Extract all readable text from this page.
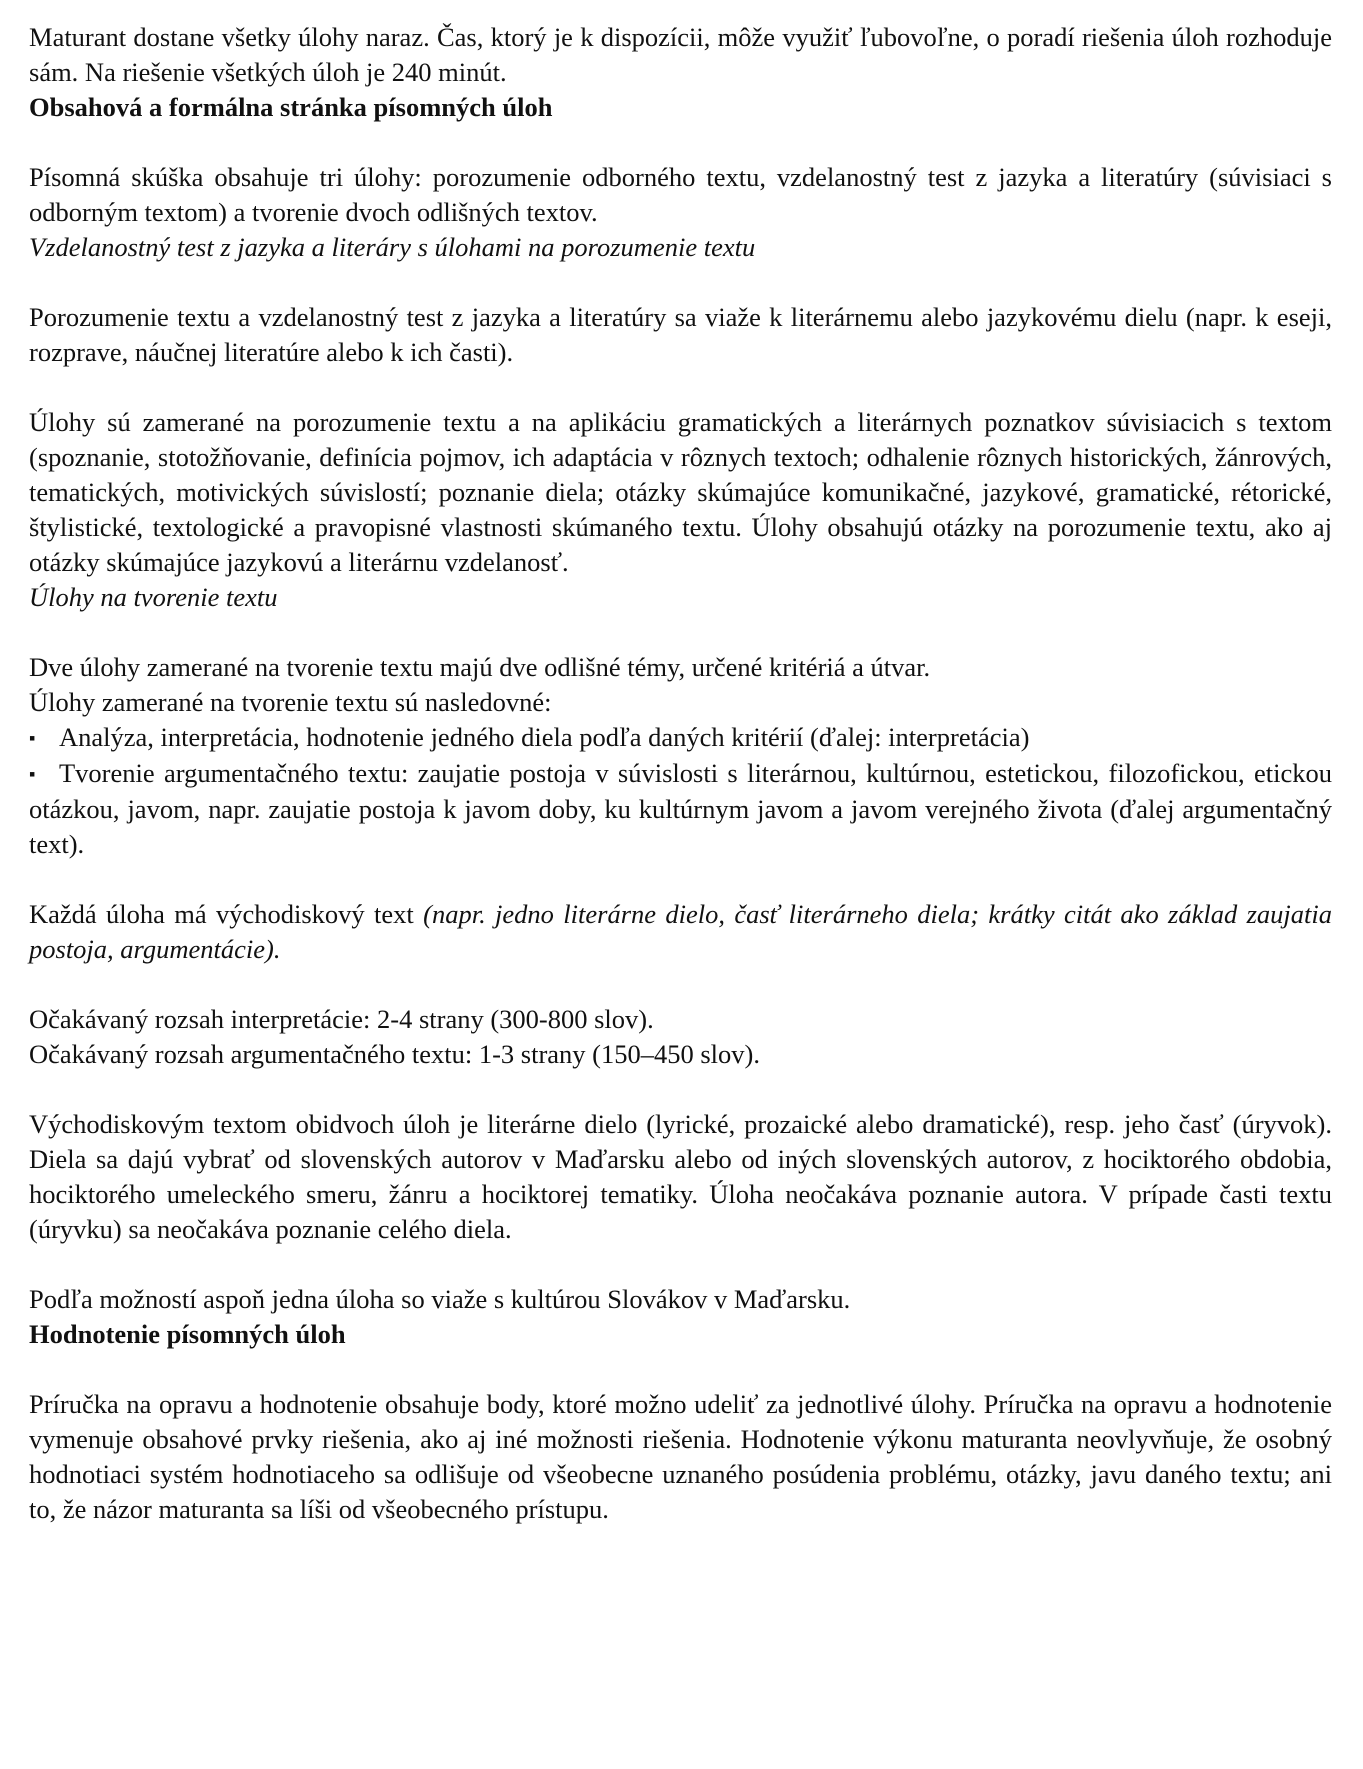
Maturant dostane všetky úlohy naraz. Čas, ktorý je k dispozícii, môže využiť ľubovoľne, o poradí riešenia úloh rozhoduje sám. Na riešenie všetkých úloh je 240 minút.

Obsahová a formálna stránka písomných úloh

Písomná skúška obsahuje tri úlohy: porozumenie odborného textu, vzdelanostný test z jazyka a literatúry (súvisiaci s odborným textom) a tvorenie dvoch odlišných textov.

Vzdelanostný test z jazyka a literáry s úlohami na porozumenie textu

Porozumenie textu a vzdelanostný test z jazyka a literatúry sa viaže k literárnemu alebo jazykovému dielu (napr. k eseji, rozprave, náučnej literatúre alebo k ich časti).

Úlohy sú zamerané na porozumenie textu a na aplikáciu gramatických a literárnych poznatkov súvisiacich s textom (spoznanie, stotožňovanie, definícia pojmov, ich adaptácia v rôznych textoch; odhalenie rôznych historických, žánrových, tematických, motivických súvislostí; poznanie diela; otázky skúmajúce komunikačné, jazykové, gramatické, rétorické, štylistické, textologické a pravopisné vlastnosti skúmaného textu. Úlohy obsahujú otázky na porozumenie textu, ako aj otázky skúmajúce jazykovú a literárnu vzdelanosť.

Úlohy na tvorenie textu

Dve úlohy zamerané na tvorenie textu majú dve odlišné témy, určené kritériá a útvar.

Úlohy zamerané na tvorenie textu sú nasledovné:

▪ Analýza, interpretácia, hodnotenie jedného diela podľa daných kritérií (ďalej: interpretácia)

▪ Tvorenie argumentačného textu: zaujatie postoja v súvislosti s literárnou, kultúrnou, estetickou, filozofickou, etickou otázkou, javom, napr. zaujatie postoja k javom doby, ku kultúrnym javom a javom verejného života (ďalej argumentačný text).

Každá úloha má východiskový text (napr. jedno literárne dielo, časť literárneho diela; krátky citát ako základ zaujatia postoja, argumentácie).

Očakávaný rozsah interpretácie: 2-4 strany (300-800 slov).

Očakávaný rozsah argumentačného textu: 1-3 strany (150–450 slov).

Východiskovým textom obidvoch úloh je literárne dielo (lyrické, prozaické alebo dramatické), resp. jeho časť (úryvok). Diela sa dajú vybrať od slovenských autorov v Maďarsku alebo od iných slovenských autorov, z hociktorého obdobia, hociktorého umeleckého smeru, žánru a hociktorej tematiky. Úloha neočakáva poznanie autora. V prípade časti textu (úryvku) sa neočakáva poznanie celého diela.

Podľa možností aspoň jedna úloha so viaže s kultúrou Slovákov v Maďarsku.

Hodnotenie písomných úloh

Príručka na opravu a hodnotenie obsahuje body, ktoré možno udeliť za jednotlivé úlohy. Príručka na opravu a hodnotenie vymenuje obsahové prvky riešenia, ako aj iné možnosti riešenia. Hodnotenie výkonu maturanta neovlyvňuje, že osobný hodnotiaci systém hodnotiaceho sa odlišuje od všeobecne uznaného posúdenia problému, otázky, javu daného textu; ani to, že názor maturanta sa líši od všeobecného prístupu.
